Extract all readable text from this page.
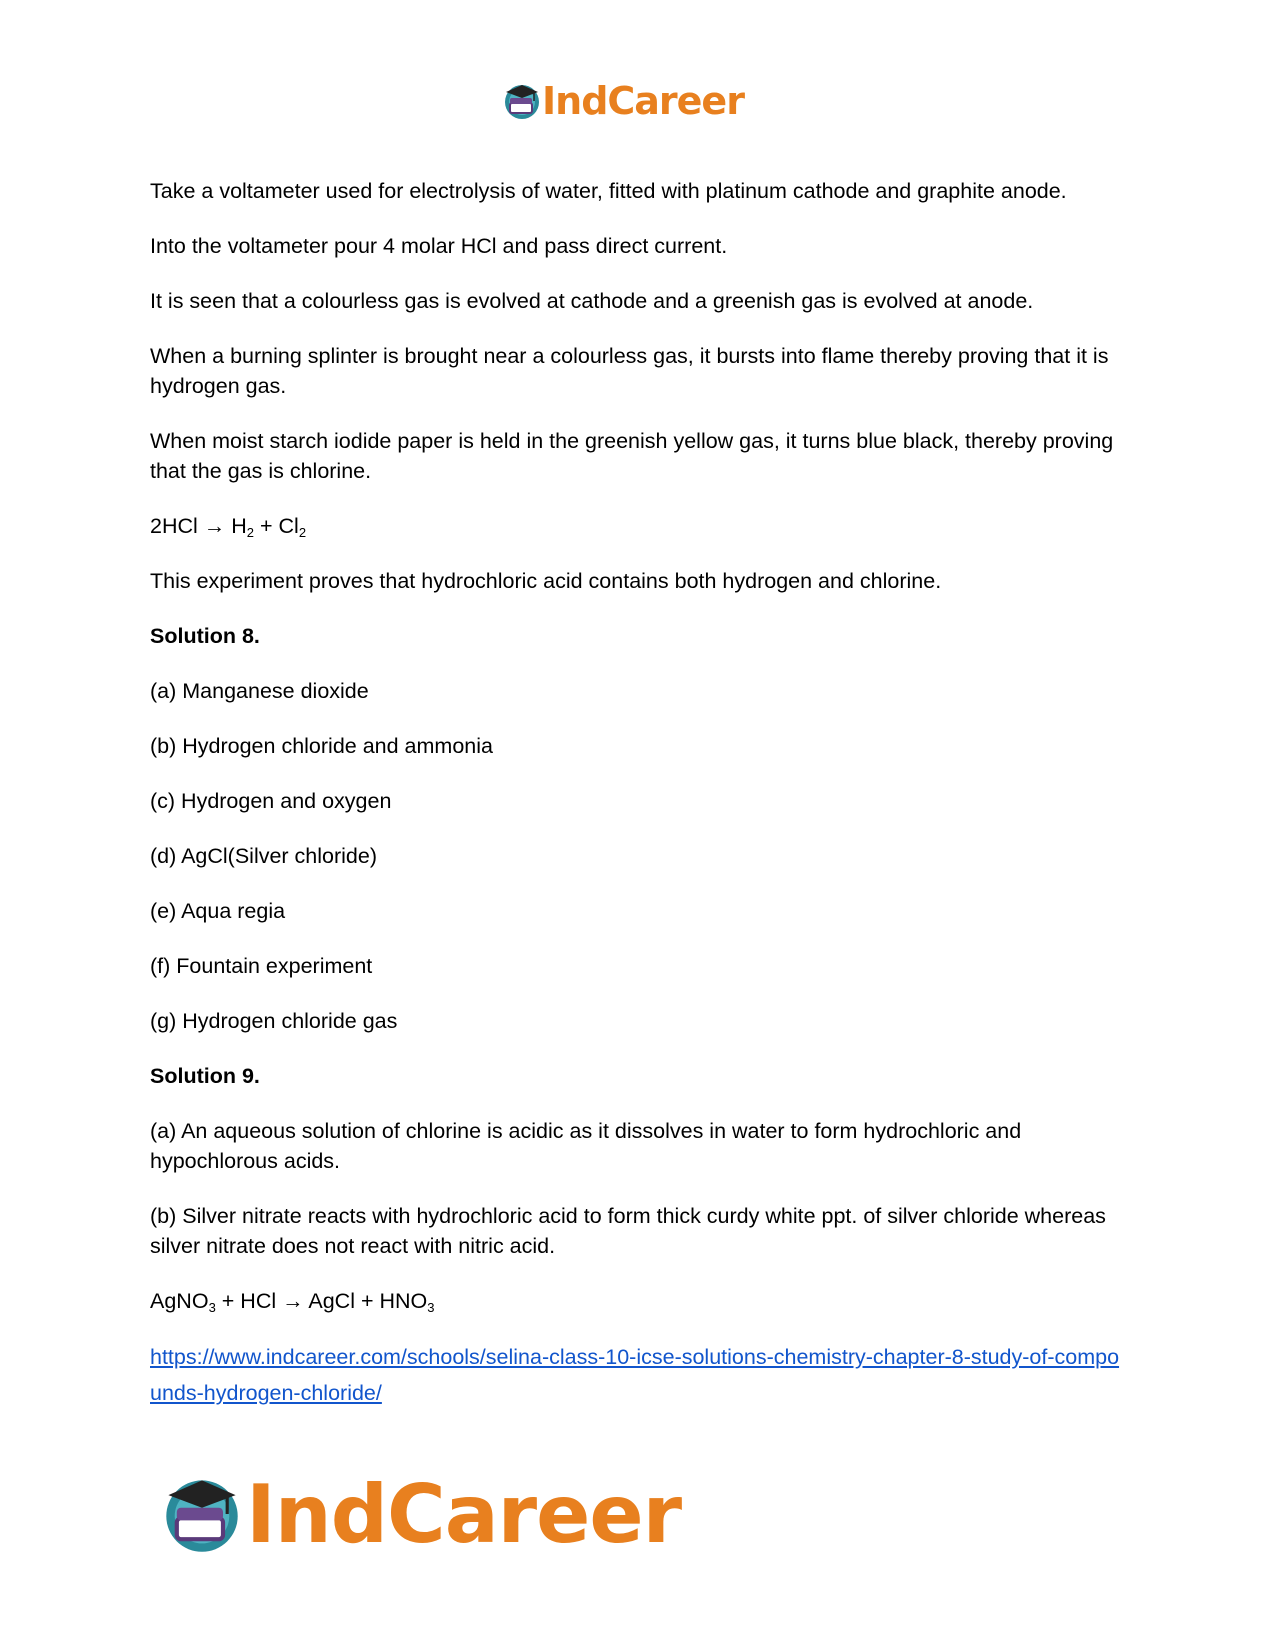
IndCareer

Take a voltameter used for electrolysis of water, fitted with platinum cathode and graphite anode.

Into the voltameter pour 4 molar HCl and pass direct current.

It is seen that a colourless gas is evolved at cathode and a greenish gas is evolved at anode.

When a burning splinter is brought near a colourless gas, it bursts into flame thereby proving that it is hydrogen gas.

When moist starch iodide paper is held in the greenish yellow gas, it turns blue black, thereby proving that the gas is chlorine.

$2HCl \to H_2 + Cl_2$

This experiment proves that hydrochloric acid contains both hydrogen and chlorine.

Solution 8.

(a) Manganese dioxide

(b) Hydrogen chloride and ammonia

(c) Hydrogen and oxygen

(d) AgCl(Silver chloride)

(e) Aqua regia

(f) Fountain experiment

(g) Hydrogen chloride gas

Solution 9.

(a) An aqueous solution of chlorine is acidic as it dissolves in water to form hydrochloric and hypochlorous acids.

(b) Silver nitrate reacts with hydrochloric acid to form thick curdy white ppt. of silver chloride whereas silver nitrate does not react with nitric acid.

AgNO$_3$ + HCl → AgCl + $HNO_3$

https://www.indcareer.com/schools/selina-class-10-icse-solutions-chemistry-chapter-8-study-of-compounds-hydrogen-chloride/
IndCareer
